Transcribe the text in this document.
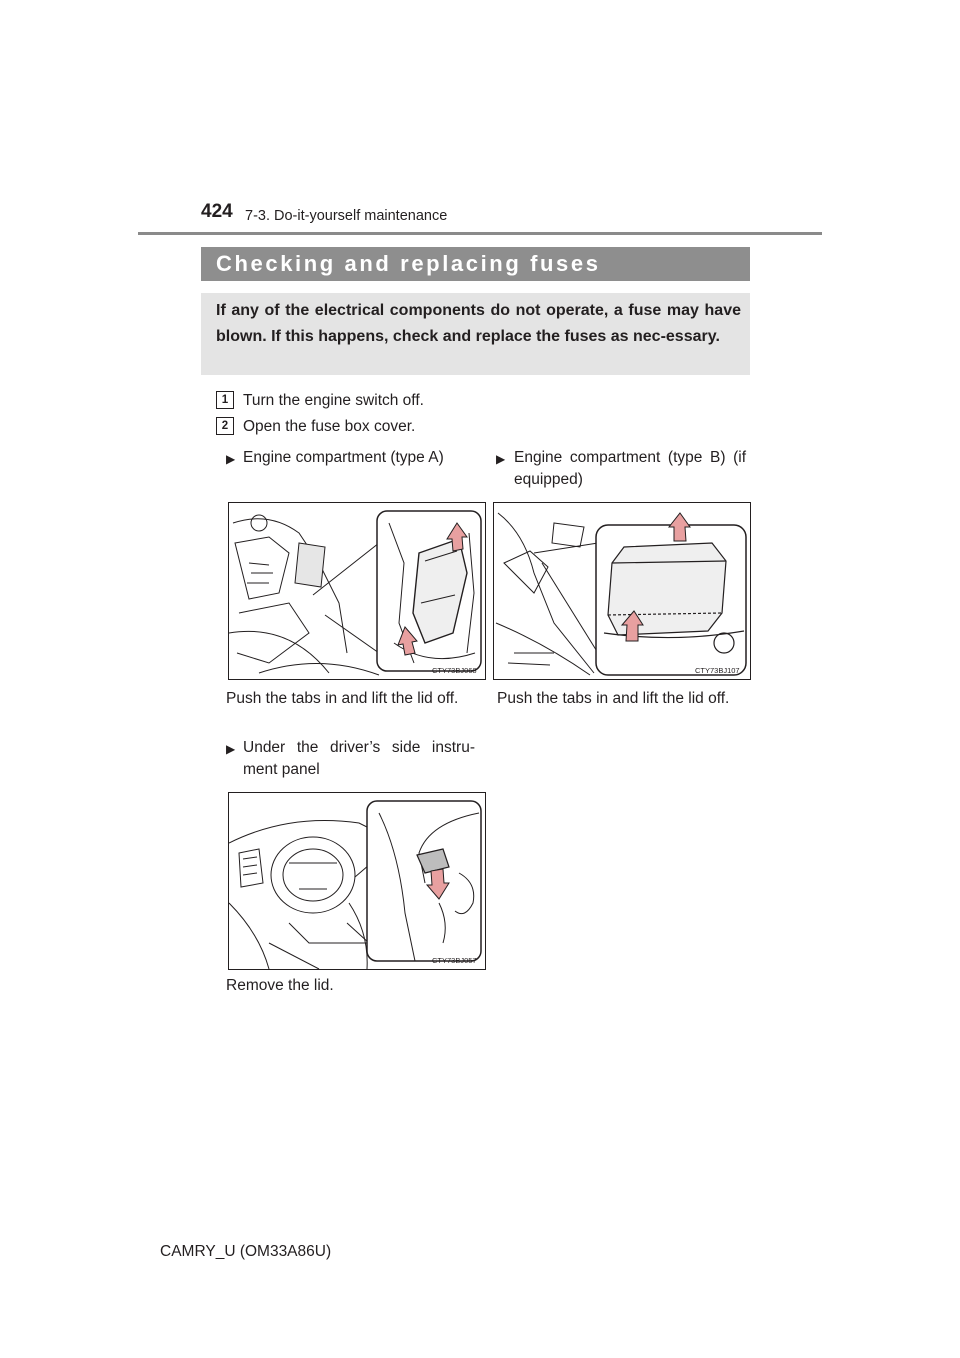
424 7-3. Do-it-yourself maintenance
Checking and replacing fuses
If any of the electrical components do not operate, a fuse may have blown. If this happens, check and replace the fuses as nec-essary.
1 Turn the engine switch off.
2 Open the fuse box cover.
▶ Engine compartment (type A)	▶ Engine compartment (type B) (if equipped)
CTY73BJ068	CTY73BJ107
Push the tabs in and lift the lid off. Push the tabs in and lift the lid off.
▶ Under the driver’s side instru-ment panel
CTY73BJ057
Remove the lid.
CAMRY_U (OM33A86U)
